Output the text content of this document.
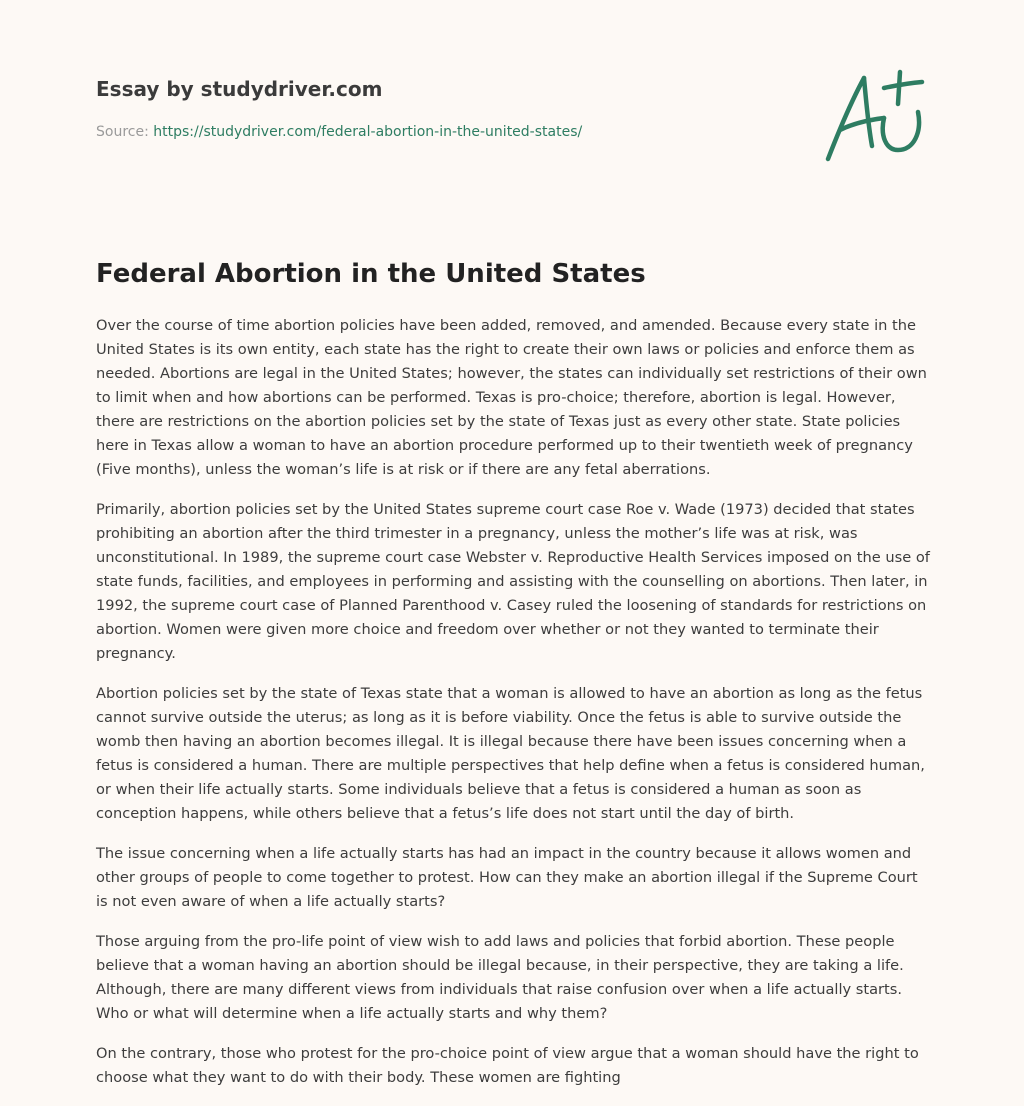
Essay by studydriver.com
Source: https://studydriver.com/federal-abortion-in-the-united-states/
Federal Abortion in the United States

Over the course of time abortion policies have been added, removed, and amended. Because every state in the United States is its own entity, each state has the right to create their own laws or policies and enforce them as needed. Abortions are legal in the United States; however, the states can individually set restrictions of their own to limit when and how abortions can be performed. Texas is pro-choice; therefore, abortion is legal. However, there are restrictions on the abortion policies set by the state of Texas just as every other state. State policies here in Texas allow a woman to have an abortion procedure performed up to their twentieth week of pregnancy (Five months), unless the woman’s life is at risk or if there are any fetal aberrations.

Primarily, abortion policies set by the United States supreme court case Roe v. Wade (1973) decided that states prohibiting an abortion after the third trimester in a pregnancy, unless the mother’s life was at risk, was unconstitutional. In 1989, the supreme court case Webster v. Reproductive Health Services imposed on the use of state funds, facilities, and employees in performing and assisting with the counselling on abortions. Then later, in 1992, the supreme court case of Planned Parenthood v. Casey ruled the loosening of standards for restrictions on abortion. Women were given more choice and freedom over whether or not they wanted to terminate their pregnancy.

Abortion policies set by the state of Texas state that a woman is allowed to have an abortion as long as the fetus cannot survive outside the uterus; as long as it is before viability. Once the fetus is able to survive outside the womb then having an abortion becomes illegal. It is illegal because there have been issues concerning when a fetus is considered a human. There are multiple perspectives that help define when a fetus is considered human, or when their life actually starts. Some individuals believe that a fetus is considered a human as soon as conception happens, while others believe that a fetus’s life does not start until the day of birth.

The issue concerning when a life actually starts has had an impact in the country because it allows women and other groups of people to come together to protest. How can they make an abortion illegal if the Supreme Court is not even aware of when a life actually starts?

Those arguing from the pro-life point of view wish to add laws and policies that forbid abortion. These people believe that a woman having an abortion should be illegal because, in their perspective, they are taking a life. Although, there are many different views from individuals that raise confusion over when a life actually starts. Who or what will determine when a life actually starts and why them?

On the contrary, those who protest for the pro-choice point of view argue that a woman should have the right to choose what they want to do with their body. These women are fighting
